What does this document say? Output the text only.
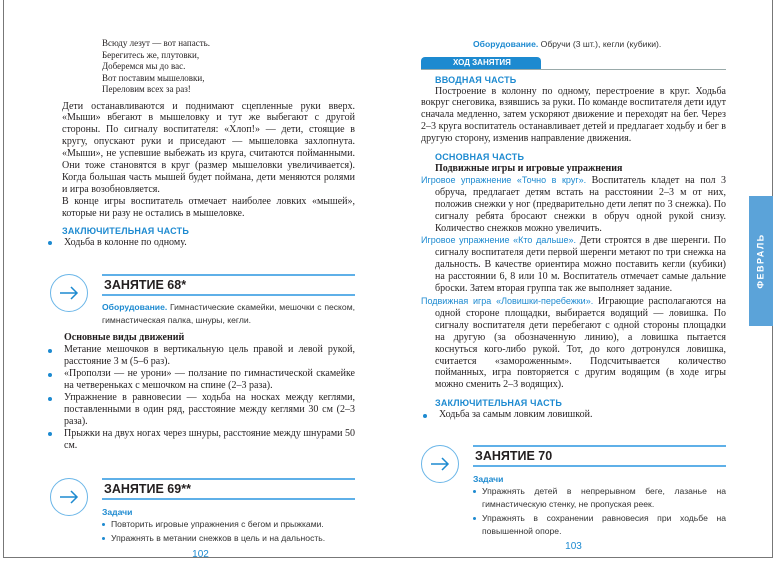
Всюду лезут — вот напасть.
Берегитесь же, плутовки,
Доберемся мы до вас.
Вот поставим мышеловки,
Переловим всех за раз!
Дети останавливаются и поднимают сцепленные руки вверх. «Мыши» вбегают в мышеловку и тут же выбегают с другой стороны. По сигналу воспитателя: «Хлоп!» — дети, стоящие в кругу, опускают руки и приседают — мышеловка захлопнута. «Мыши», не успевшие выбежать из круга, считаются пойманными. Они тоже становятся в круг (размер мышеловки увеличивается). Когда большая часть мышей будет поймана, дети меняются ролями и игра возобновляется.
В конце игры воспитатель отмечает наиболее ловких «мышей», которые ни разу не остались в мышеловке.
ЗАКЛЮЧИТЕЛЬНАЯ ЧАСТЬ
Ходьба в колонне по одному.
ЗАНЯТИЕ 68*
Оборудование. Гимнастические скамейки, мешочки с песком, гимнастическая палка, шнуры, кегли.
Основные виды движений
Метание мешочков в вертикальную цель правой и левой рукой, расстояние 3 м (5–6 раз).
«Проползи — не урони» — ползание по гимнастической скамейке на четвереньках с мешочком на спине (2–3 раза).
Упражнение в равновесии — ходьба на носках между кеглями, поставленными в один ряд, расстояние между кеглями 30 см (2–3 раза).
Прыжки на двух ногах через шнуры, расстояние между шнурами 50 см.
ЗАНЯТИЕ 69**
Задачи
Повторить игровые упражнения с бегом и прыжками.
Упражнять в метании снежков в цель и на дальность.
102
Оборудование. Обручи (3 шт.), кегли (кубики).
ХОД ЗАНЯТИЯ
ВВОДНАЯ ЧАСТЬ
Построение в колонну по одному, перестроение в круг. Ходьба вокруг снеговика, взявшись за руки. По команде воспитателя дети идут сначала медленно, затем ускоряют движение и переходят на бег. Через 2–3 круга воспитатель останавливает детей и предлагает ходьбу и бег в другую сторону, изменив направление движения.
ОСНОВНАЯ ЧАСТЬ
Подвижные игры и игровые упражнения
Игровое упражнение «Точно в круг». Воспитатель кладет на пол 3 обруча, предлагает детям встать на расстоянии 2–3 м от них, положив снежки у ног (предварительно дети лепят по 3 снежка). По сигналу ребята бросают снежки в обруч одной рукой снизу. Количество снежков можно увеличить.
Игровое упражнение «Кто дальше». Дети строятся в две шеренги. По сигналу воспитателя дети первой шеренги метают по три снежка на дальность. В качестве ориентира можно поставить кегли (кубики) на расстоянии 6, 8 или 10 м. Воспитатель отмечает самые дальние броски. Затем вторая группа так же выполняет задание.
Подвижная игра «Ловишки-перебежки». Играющие располагаются на одной стороне площадки, выбирается водящий — ловишка. По сигналу воспитателя дети перебегают с одной стороны площадки на другую (за обозначенную линию), а ловишка пытается коснуться кого-либо рукой. Тот, до кого дотронулся ловишка, считается «замороженным». Подсчитывается количество пойманных, игра повторяется с другим водящим (в ходе игры можно сменить 2–3 водящих).
ЗАКЛЮЧИТЕЛЬНАЯ ЧАСТЬ
Ходьба за самым ловким ловишкой.
ЗАНЯТИЕ 70
Задачи
Упражнять детей в непрерывном беге, лазанье на гимнастическую стенку, не пропуская реек.
Упражнять в сохранении равновесия при ходьбе на повышенной опоре.
103
ФЕВРАЛЬ
